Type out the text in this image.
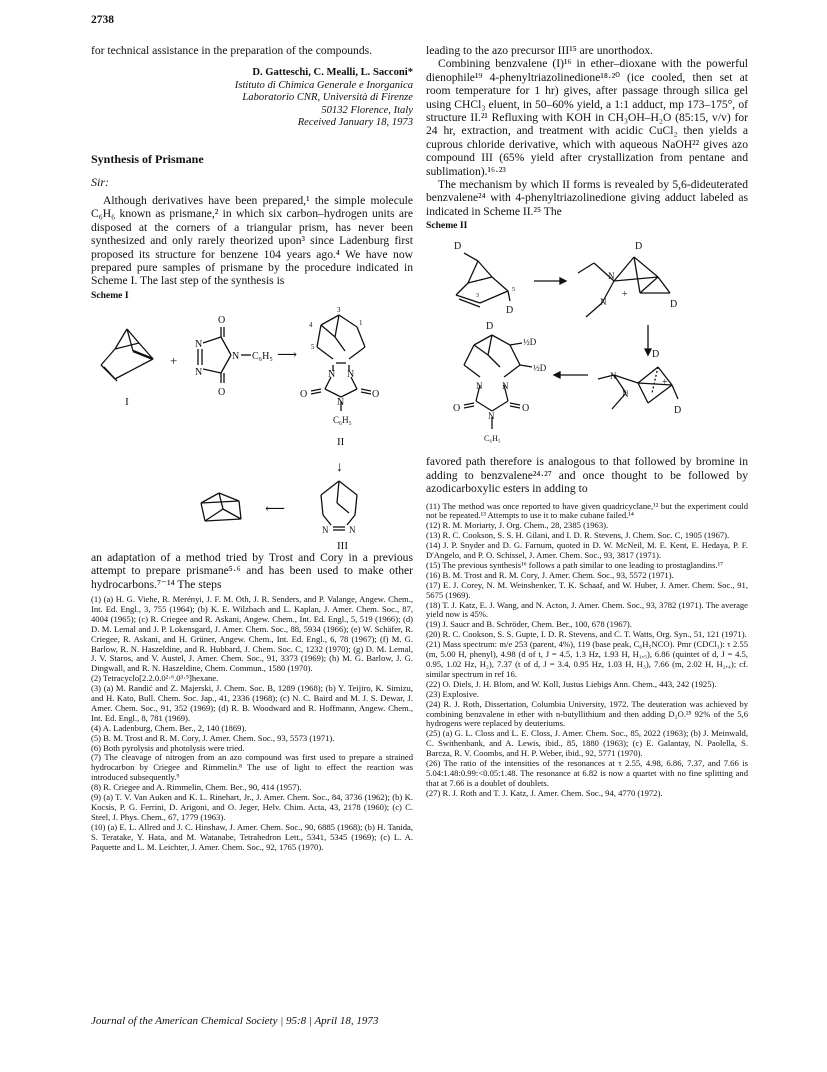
2738

for technical assistance in the preparation of the compounds.

D. Gatteschi, C. Mealli, L. Sacconi*
Istituto di Chimica Generale e Inorganica
Laboratorio CNR, Università di Firenze
50132 Florence, Italy
Received January 18, 1973
Synthesis of Prismane
Sir:

Although derivatives have been prepared,¹ the simple molecule C₆H₆ known as prismane,² in which six carbon–hydrogen units are disposed at the corners of a triangular prism, has never been synthesized and only rarely theorized upon³ since Ladenburg first proposed its structure for benzene 104 years ago.⁴ We have now prepared pure samples of prismane by the procedure indicated in Scheme I. The last step of the synthesis is

Scheme I
I
+
O
O
N
N
N C₆H₅ ⟶
3
4	1
5
N N
O	O
N
C₆H₅
II
↓
N N
III
⟵

an adaptation of a method tried by Trost and Cory in a previous attempt to prepare prismane⁵·⁶ and has been used to make other hydrocarbons.⁷⁻¹⁴ The steps

(1) (a) H. G. Viehe, R. Merényi, J. F. M. Oth, J. R. Senders, and P. Valange, Angew. Chem., Int. Ed. Engl., 3, 755 (1964); (b) K. E. Wilzbach and L. Kaplan, J. Amer. Chem. Soc., 87, 4004 (1965); (c) R. Criegee and R. Askani, Angew. Chem., Int. Ed. Engl., 5, 519 (1966); (d) D. M. Lemal and J. P. Lokensgard, J. Amer. Chem. Soc., 88, 5934 (1966); (e) W. Schäfer, R. Criegee, R. Askani, and H. Grüner, Angew. Chem., Int. Ed. Engl., 6, 78 (1967); (f) M. G. Barlow, R. N. Haszeldine, and R. Hubbard, J. Chem. Soc. C, 1232 (1970); (g) D. M. Lemal, J. V. Staros, and V. Austel, J. Amer. Chem. Soc., 91, 3373 (1969); (h) M. G. Barlow, J. G. Dingwall, and R. N. Haszeldine, Chem. Commun., 1580 (1970).
(2) Tetracyclo[2.2.0.0²·⁶.0³·⁵]hexane.
(3) (a) M. Randić and Z. Majerski, J. Chem. Soc. B, 1289 (1968); (b) Y. Teijiro, K. Simizu, and H. Kato, Bull. Chem. Soc. Jap., 41, 2336 (1968); (c) N. C. Baird and M. J. S. Dewar, J. Amer. Chem. Soc., 91, 352 (1969); (d) R. B. Woodward and R. Hoffmann, Angew. Chem., Int. Ed. Engl., 8, 781 (1969).
(4) A. Ladenburg, Chem. Ber., 2, 140 (1869).
(5) B. M. Trost and R. M. Cory, J. Amer. Chem. Soc., 93, 5573 (1971).
(6) Both pyrolysis and photolysis were tried.
(7) The cleavage of nitrogen from an azo compound was first used to prepare a strained hydrocarbon by Criegee and Rimmelin.⁸ The use of light to effect the reaction was introduced subsequently.⁹
(8) R. Criegee and A. Rimmelin, Chem. Ber., 90, 414 (1957).
(9) (a) T. V. Van Auken and K. L. Rinehart, Jr., J. Amer. Chem. Soc., 84, 3736 (1962); (b) K. Kocsis, P. G. Ferrini, D. Arigoni, and O. Jeger, Helv. Chim. Acta, 43, 2178 (1960); (c) C. Steel, J. Phys. Chem., 67, 1779 (1963).
(10) (a) E. L. Allred and J. C. Hinshaw, J. Amer. Chem. Soc., 90, 6885 (1968); (b) H. Tanida, S. Teratake, Y. Hata, and M. Watanabe, Tetrahedron Lett., 5341, 5345 (1969); (c) L. A. Paquette and L. M. Leichter, J. Amer. Chem. Soc., 92, 1765 (1970).

leading to the azo precursor III¹⁵ are unorthodox.

Combining benzvalene (I)¹⁶ in ether–dioxane with the powerful dienophile¹⁹ 4-phenyltriazolinedione¹⁸·²⁰ (ice cooled, then set at room temperature for 1 hr) gives, after passage through silica gel using CHCl₃ eluent, in 50–60% yield, a 1:1 adduct, mp 173–175°, of structure II.²¹ Refluxing with KOH in CH₃OH–H₂O (85:15, v/v) for 24 hr, extraction, and treatment with acidic CuCl₂ then yields a cuprous chloride derivative, which with aqueous NaOH²² gives azo compound III (65% yield after crystallization from pentane and sublimation).¹⁶·²³

The mechanism by which II forms is revealed by 5,6-dideuterated benzvalene²⁴ with 4-phenyltriazolinedione giving adduct labeled as indicated in Scheme II.²⁵ The

Scheme II
D
D
3
5
D
D
N
N
+
D
D
+
N
N
D
½D
½D
N N
O	O
N
C₆H₅

favored path therefore is analogous to that followed by bromine in adding to benzvalene²⁴·²⁷ and once thought to be followed by azodicarboxylic esters in adding to

(11) The method was once reported to have given quadricyclane,¹² but the experiment could not be repeated.¹³ Attempts to use it to make cubane failed.¹⁴
(12) R. M. Moriarty, J. Org. Chem., 28, 2385 (1963).
(13) R. C. Cookson, S. S. H. Gilani, and I. D. R. Stevens, J. Chem. Soc. C, 1905 (1967).
(14) J. P. Snyder and D. G. Farnum, quoted in D. W. McNeil, M. E. Kent, E. Hedaya, P. F. D'Angelo, and P. O. Schissel, J. Amer. Chem. Soc., 93, 3817 (1971).
(15) The previous synthesis¹⁶ follows a path similar to one leading to prostaglandins.¹⁷
(16) B. M. Trost and R. M. Cory, J. Amer. Chem. Soc., 93, 5572 (1971).
(17) E. J. Corey, N. M. Weinshenker, T. K. Schaaf, and W. Huber, J. Amer. Chem. Soc., 91, 5675 (1969).
(18) T. J. Katz, E. J. Wang, and N. Acton, J. Amer. Chem. Soc., 93, 3782 (1971). The average yield now is 45%.
(19) J. Saucr and B. Schröder, Chem. Ber., 100, 678 (1967).
(20) R. C. Cookson, S. S. Gupte, I. D. R. Stevens, and C. T. Watts, Org. Syn., 51, 121 (1971).
(21) Mass spectrum: m/e 253 (parent, 4%), 119 (base peak, C₆H₅NCO). Pmr (CDCl₃): τ 2.55 (m, 5.00 H, phenyl), 4.98 (d of t, J = 4.5, 1.3 Hz, 1.93 H, H₁,₅), 6.86 (quintet of d, J = 4.5, 0.95, 1.02 Hz, H₂), 7.37 (t of d, J = 3.4, 0.95 Hz, 1.03 H, H₃), 7.66 (m, 2.02 H, H₂,₄); cf. similar spectrum in ref 16.
(22) O. Diels, J. H. Blom, and W. Koll, Justus Liebigs Ann. Chem., 443, 242 (1925).
(23) Explosive.
(24) R. J. Roth, Dissertation, Columbia University, 1972. The deuteration was achieved by combining benzvalene in ether with n-butyllithium and then adding D₂O.²⁵ 92% of the 5,6 hydrogens were replaced by deuteriums.
(25) (a) G. L. Closs and L. E. Closs, J. Amer. Chem. Soc., 85, 2022 (1963); (b) J. Meinwald, C. Swithenbank, and A. Lewis, ibid., 85, 1880 (1963); (c) E. Galantay, N. Paolella, S. Barcza, R. V. Coombs, and H. P. Weber, ibid., 92, 5771 (1970).
(26) The ratio of the intensities of the resonances at τ 2.55, 4.98, 6.86, 7.37, and 7.66 is 5.04:1.48:0.99:<0.05:1.48. The resonance at 6.82 is now a quartet with no fine splitting and that at 7.66 is a doublet of doublets.
(27) R. J. Roth and T. J. Katz, J. Amer. Chem. Soc., 94, 4770 (1972).
Journal of the American Chemical Society | 95:8 | April 18, 1973
